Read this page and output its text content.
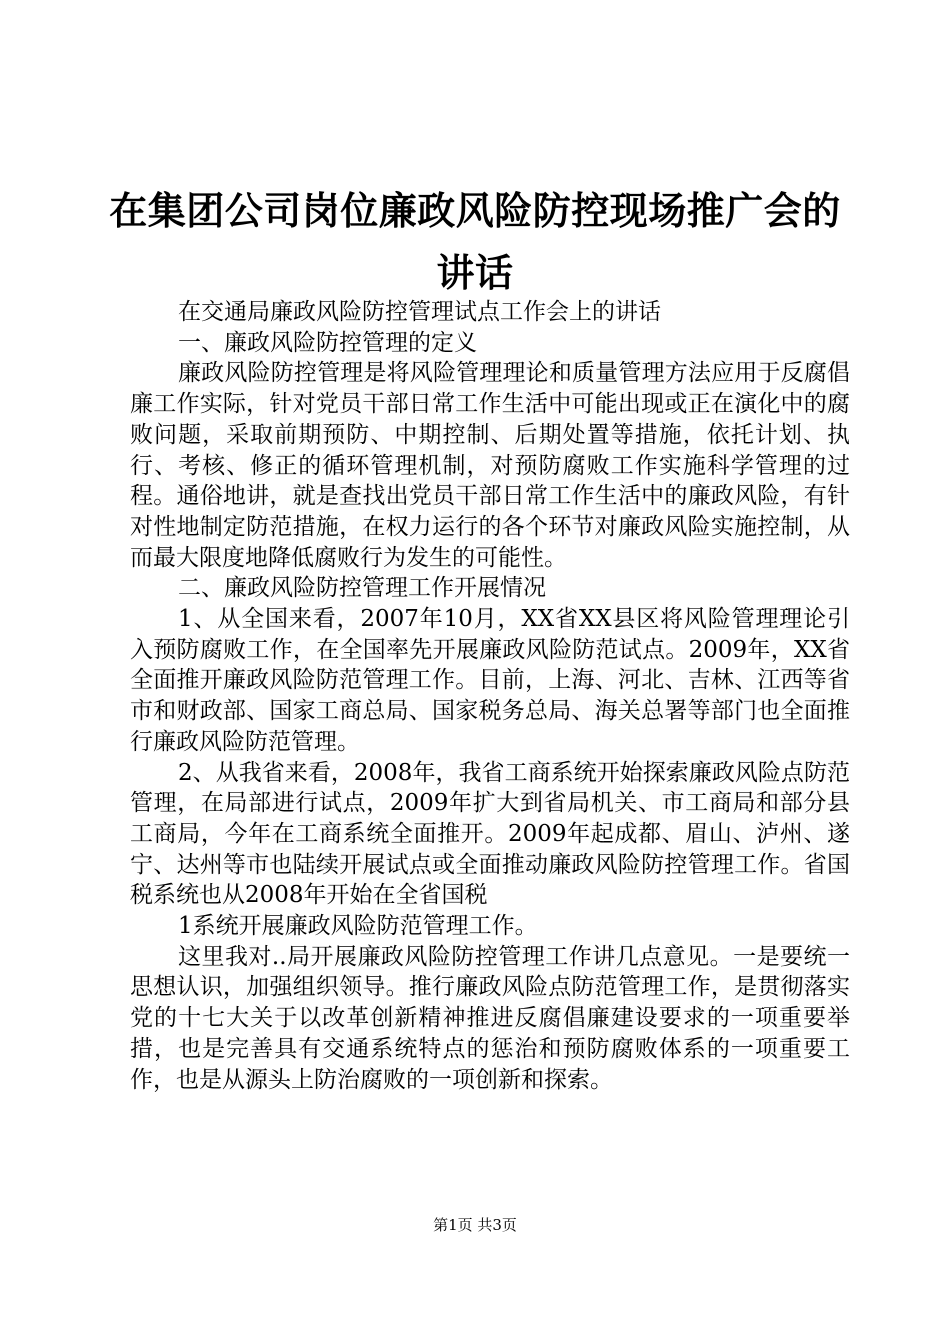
在集团公司岗位廉政风险防控现场推广会的讲话

在交通局廉政风险防控管理试点工作会上的讲话

一、廉政风险防控管理的定义

廉政风险防控管理是将风险管理理论和质量管理方法应用于反腐倡廉工作实际，针对党员干部日常工作生活中可能出现或正在演化中的腐败问题，采取前期预防、中期控制、后期处置等措施，依托计划、执行、考核、修正的循环管理机制，对预防腐败工作实施科学管理的过程。通俗地讲，就是查找出党员干部日常工作生活中的廉政风险，有针对性地制定防范措施，在权力运行的各个环节对廉政风险实施控制，从而最大限度地降低腐败行为发生的可能性。

二、廉政风险防控管理工作开展情况

1、从全国来看，2007年10月，XX省XX县区将风险管理理论引入预防腐败工作，在全国率先开展廉政风险防范试点。2009年，XX省全面推开廉政风险防范管理工作。目前，上海、河北、吉林、江西等省市和财政部、国家工商总局、国家税务总局、海关总署等部门也全面推行廉政风险防范管理。

2、从我省来看，2008年，我省工商系统开始探索廉政风险点防范管理，在局部进行试点，2009年扩大到省局机关、市工商局和部分县工商局，今年在工商系统全面推开。2009年起成都、眉山、泸州、遂宁、达州等市也陆续开展试点或全面推动廉政风险防控管理工作。省国税系统也从2008年开始在全省国税

1系统开展廉政风险防范管理工作。

这里我对..局开展廉政风险防控管理工作讲几点意见。一是要统一思想认识，加强组织领导。推行廉政风险点防范管理工作，是贯彻落实党的十七大关于以改革创新精神推进反腐倡廉建设要求的一项重要举措，也是完善具有交通系统特点的惩治和预防腐败体系的一项重要工作，也是从源头上防治腐败的一项创新和探索。

第1页 共3页
